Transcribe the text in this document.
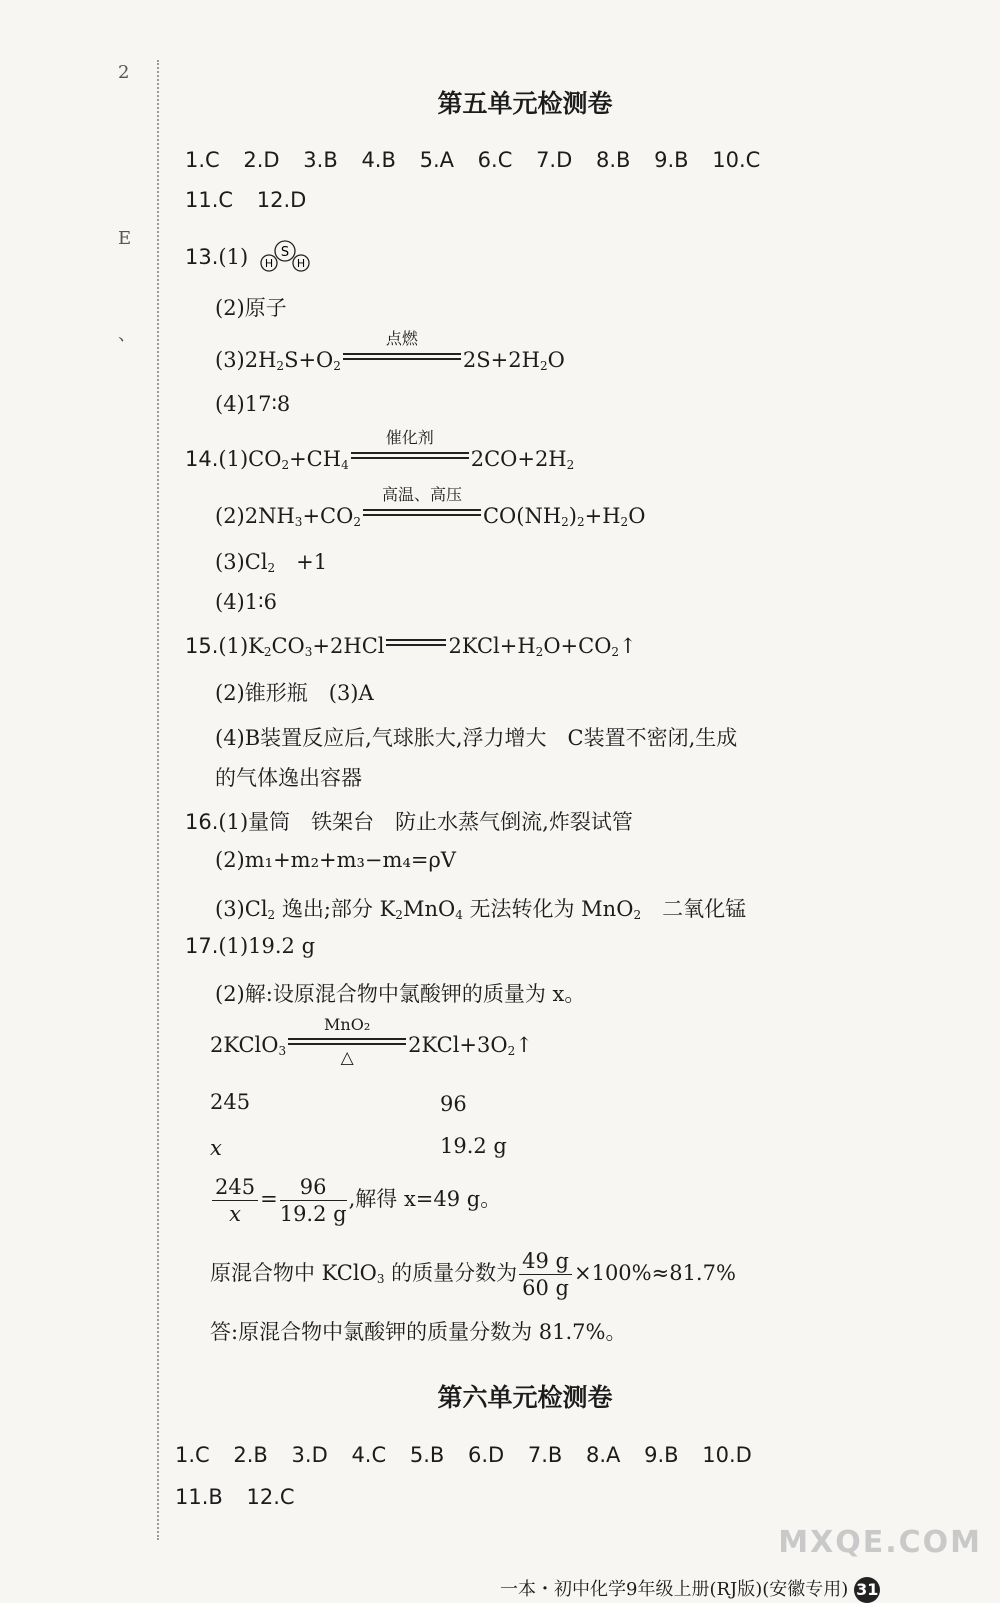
2
E
、
第五单元检测卷
1.C 2.D 3.B 4.B 5.A 6.C 7.D 8.B 9.B 10.C
11.C 12.D
13.(1)	S
H H
(2)原子
$(3)2H_2S+O_2$
点燃
$2S+2H_2O$
(4)17∶8
$14.(1)CO_2+CH_4$
催化剂
$2CO+2H_2$
$(2)2NH_3+CO_2$
高温、高压
$CO(NH_2)_2+H_2O$
$(3)Cl_2$　 +1
(4)1∶6
$15.(1)K_2CO_3+2HCl$	$2KCl+H_2O+CO_2↑$
(2)锥形瓶　(3)A
(4)B装置反应后,气球胀大,浮力增大　C装置不密闭,生成
的气体逸出容器
16.(1)量筒　铁架台　防止水蒸气倒流,炸裂试管
(2)m₁+m₂+m₃−m₄=ρV
$(3)Cl_2$ 逸出;部分 $K_2MnO_4$ 无法转化为 MnO$_2$　二氧化锰
17.(1)19.2 g
(2)解:设原混合物中氯酸钾的质量为 x。
2KClO$_3$
MnO₂
△
$2KCl+3O_2↑$
245	96
x	19.2 g
$\frac{245}{x} = \frac{96}{19.2 g}$ ,解得 x=49 g。
原混合物中 KClO$_3$ 的质量分数为 $\frac{49 g}{60 g} \times 100\%\approx 81.7\%$
答:原混合物中氯酸钾的质量分数为 81.7%。
第六单元检测卷
1.C 2.B 3.D 4.C 5.B 6.D 7.B 8.A 9.B 10.D
11.B 12.C
MXQE.COM
一本・初中化学9年级上册(RJ版)(安徽专用) 31
